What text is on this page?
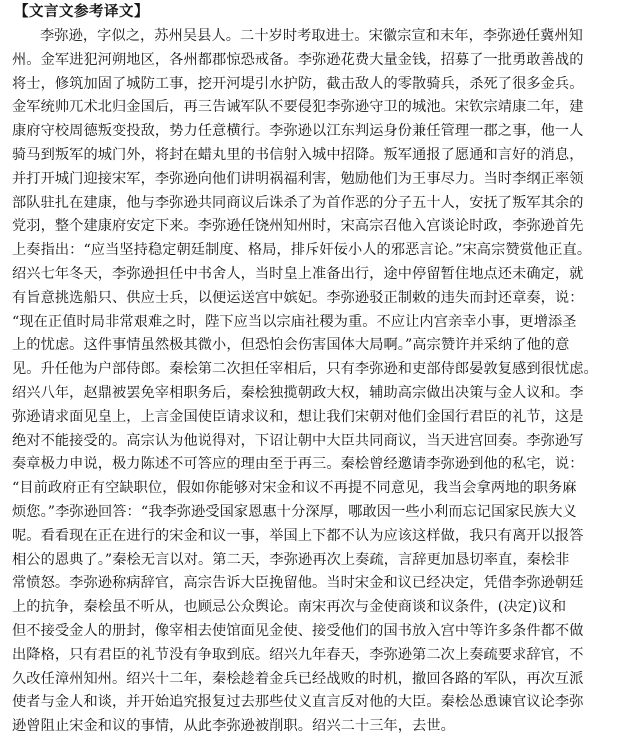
【文言文参考译文】
李弥逊，字似之，苏州吴县人。二十岁时考取进士。宋徽宗宣和末年，李弥逊任冀州知
州。金军进犯河朔地区，各州都郡惊恐戒备。李弥逊花费大量金钱，招募了一批勇敢善战的
将士，修筑加固了城防工事，挖开河堤引水护防，截击敌人的零散骑兵，杀死了很多金兵。
金军统帅兀术北归金国后，再三告诫军队不要侵犯李弥逊守卫的城池。宋钦宗靖康二年，建
康府守校周德叛变投敌，势力任意横行。李弥逊以江东判运身份兼任管理一郡之事，他一人
骑马到叛军的城门外，将封在蜡丸里的书信射入城中招降。叛军通报了愿通和言好的消息，
并打开城门迎接宋军，李弥逊向他们讲明祸福利害，勉励他们为王事尽力。当时李纲正率领
部队驻扎在建康，他与李弥逊共同商议后诛杀了为首作恶的分子五十人，安抚了叛军其余的
党羽，整个建康府安定下来。李弥逊任饶州知州时，宋高宗召他入宫谈论时政，李弥逊首先
上奏指出：“应当坚持稳定朝廷制度、格局，排斥奸佞小人的邪恶言论。”宋高宗赞赏他正直。
绍兴七年冬天，李弥逊担任中书舍人，当时皇上准备出行，途中停留暂住地点还未确定，就
有旨意挑选船只、供应士兵，以便运送宫中嫔妃。李弥逊驳正制敕的违失而封还章奏，说：
“现在正值时局非常艰难之时，陛下应当以宗庙社稷为重。不应让内宫亲幸小事，更增添圣
上的忧虑。这件事情虽然极其微小，但恐怕会伤害国体大局啊。”高宗赞许并采纳了他的意
见。升任他为户部侍郎。秦桧第二次担任宰相后，只有李弥逊和吏部侍郎晏敦复感到很忧虑。
绍兴八年，赵鼎被罢免宰相职务后，秦桧独揽朝政大权，辅助高宗做出决策与金人议和。李
弥逊请求面见皇上，上言金国使臣请求议和，想让我们宋朝对他们金国行君臣的礼节，这是
绝对不能接受的。高宗认为他说得对，下诏让朝中大臣共同商议，当天进宫回奏。李弥逊写
奏章极力申说，极力陈述不可答应的理由至于再三。秦桧曾经邀请李弥逊到他的私宅，说：
“目前政府正有空缺职位，假如你能够对宋金和议不再提不同意见，我当会拿两地的职务麻
烦您。”李弥逊回答：“我李弥逊受国家恩惠十分深厚，哪敢因一些小利而忘记国家民族大义
呢。看看现在正在进行的宋金和议一事，举国上下都不认为应该这样做，我只有离开以报答
相公的恩典了。”秦桧无言以对。第二天，李弥逊再次上奏疏，言辞更加恳切率直，秦桧非
常愤怒。李弥逊称病辞官，高宗告诉大臣挽留他。当时宋金和议已经决定，凭借李弥逊朝廷
上的抗争，秦桧虽不听从，也顾忌公众舆论。南宋再次与金使商谈和议条件，(决定)议和
但不接受金人的册封，像宰相去使馆面见金使、接受他们的国书放入宫中等许多条件都不做
出降格，只有君臣的礼节没有争取到底。绍兴九年春天，李弥逊第二次上奏疏要求辞官，不
久改任漳州知州。绍兴十二年，秦桧趁着金兵已经战败的时机，撤回各路的军队，再次互派
使者与金人和谈，并开始追究报复过去那些仗义直言反对他的大臣。秦桧怂恿谏官议论李弥
逊曾阻止宋金和议的事情，从此李弥逊被削职。绍兴二十三年，去世。
